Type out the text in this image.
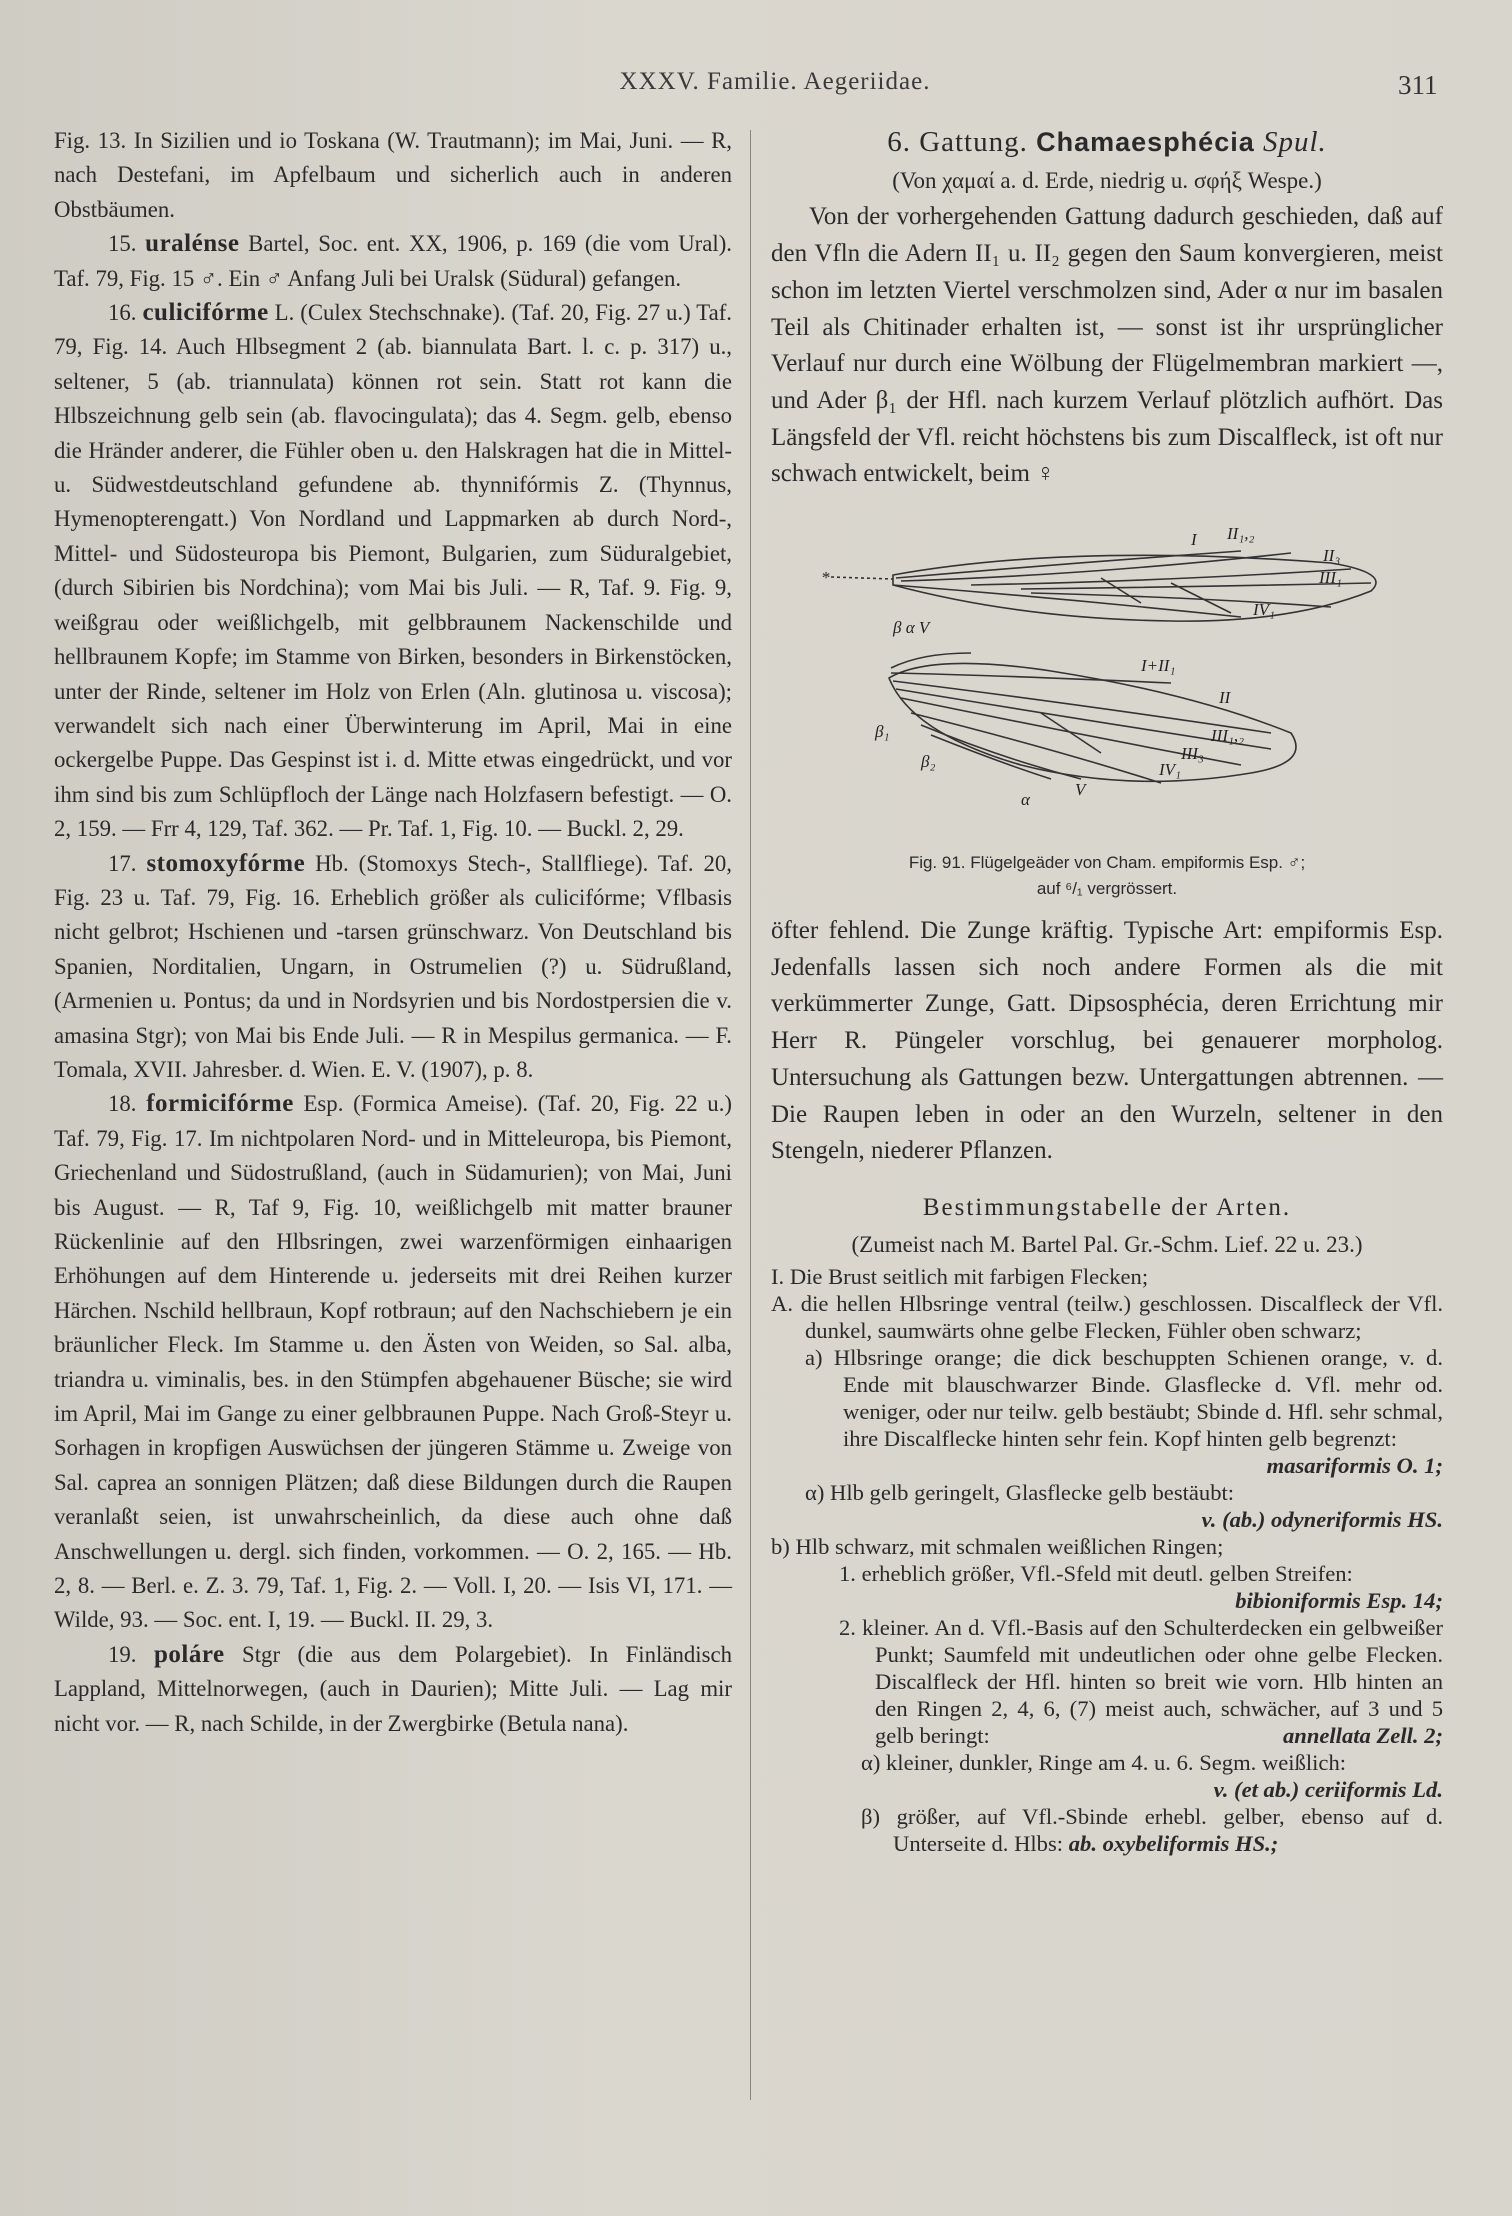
XXXV. Familie. Aegeriidae.	311

Fig. 13. In Sizilien und io Toskana (W. Trautmann); im Mai, Juni. — R, nach Destefani, im Apfelbaum und sicherlich auch in anderen Obstbäumen.

15. uralénse Bartel, Soc. ent. XX, 1906, p. 169 (die vom Ural). Taf. 79, Fig. 15 ♂. Ein ♂ Anfang Juli bei Uralsk (Südural) gefangen.

16. culicifórme L. (Culex Stechschnake). (Taf. 20, Fig. 27 u.) Taf. 79, Fig. 14. Auch Hlbsegment 2 (ab. biannulata Bart. l. c. p. 317) u., seltener, 5 (ab. triannulata) können rot sein. Statt rot kann die Hlbszeichnung gelb sein (ab. flavocingulata); das 4. Segm. gelb, ebenso die Hränder anderer, die Fühler oben u. den Halskragen hat die in Mittel- u. Südwestdeutschland gefundene ab. thynnifórmis Z. (Thynnus, Hymenopterengatt.) Von Nordland und Lappmarken ab durch Nord-, Mittel- und Südosteuropa bis Piemont, Bulgarien, zum Süduralgebiet, (durch Sibirien bis Nordchina); vom Mai bis Juli. — R, Taf. 9. Fig. 9, weißgrau oder weißlichgelb, mit gelbbraunem Nackenschilde und hellbraunem Kopfe; im Stamme von Birken, besonders in Birkenstöcken, unter der Rinde, seltener im Holz von Erlen (Aln. glutinosa u. viscosa); verwandelt sich nach einer Überwinterung im April, Mai in eine ockergelbe Puppe. Das Gespinst ist i. d. Mitte etwas eingedrückt, und vor ihm sind bis zum Schlüpfloch der Länge nach Holzfasern befestigt. — O. 2, 159. — Frr 4, 129, Taf. 362. — Pr. Taf. 1, Fig. 10. — Buckl. 2, 29.

17. stomoxyfórme Hb. (Stomoxys Stech-, Stallfliege). Taf. 20, Fig. 23 u. Taf. 79, Fig. 16. Erheblich größer als culicifórme; Vflbasis nicht gelbrot; Hschienen und -tarsen grünschwarz. Von Deutschland bis Spanien, Norditalien, Ungarn, in Ostrumelien (?) u. Südrußland, (Armenien u. Pontus; da und in Nordsyrien und bis Nordostpersien die v. amasina Stgr); von Mai bis Ende Juli. — R in Mespilus germanica. — F. Tomala, XVII. Jahresber. d. Wien. E. V. (1907), p. 8.

18. formicifórme Esp. (Formica Ameise). (Taf. 20, Fig. 22 u.) Taf. 79, Fig. 17. Im nichtpolaren Nord- und in Mitteleuropa, bis Piemont, Griechenland und Südostrußland, (auch in Südamurien); von Mai, Juni bis August. — R, Taf 9, Fig. 10, weißlichgelb mit matter brauner Rückenlinie auf den Hlbsringen, zwei warzenförmigen einhaarigen Erhöhungen auf dem Hinterende u. jederseits mit drei Reihen kurzer Härchen. Nschild hellbraun, Kopf rotbraun; auf den Nachschiebern je ein bräunlicher Fleck. Im Stamme u. den Ästen von Weiden, so Sal. alba, triandra u. viminalis, bes. in den Stümpfen abgehauener Büsche; sie wird im April, Mai im Gange zu einer gelbbraunen Puppe. Nach Groß-Steyr u. Sorhagen in kropfigen Auswüchsen der jüngeren Stämme u. Zweige von Sal. caprea an sonnigen Plätzen; daß diese Bildungen durch die Raupen veranlaßt seien, ist unwahrscheinlich, da diese auch ohne daß Anschwellungen u. dergl. sich finden, vorkommen. — O. 2, 165. — Hb. 2, 8. — Berl. e. Z. 3. 79, Taf. 1, Fig. 2. — Voll. I, 20. — Isis VI, 171. — Wilde, 93. — Soc. ent. I, 19. — Buckl. II. 29, 3.

19. poláre Stgr (die aus dem Polargebiet). In Finländisch Lappland, Mittelnorwegen, (auch in Daurien); Mitte Juli. — Lag mir nicht vor. — R, nach Schilde, in der Zwergbirke (Betula nana).

6. Gattung. Chamaesphécia Spul.

(Von χαμαί a. d. Erde, niedrig u. σφήξ Wespe.)

Von der vorhergehenden Gattung dadurch geschieden, daß auf den Vfln die Adern II₁ u. II₂ gegen den Saum konvergieren, meist schon im letzten Viertel verschmolzen sind, Ader α nur im basalen Teil als Chitinader erhalten ist, — sonst ist ihr ursprünglicher Verlauf nur durch eine Wölbung der Flügelmembran markiert —, und Ader β₁ der Hfl. nach kurzem Verlauf plötzlich aufhört. Das Längsfeld der Vfl. reicht höchstens bis zum Discalfleck, ist oft nur schwach entwickelt, beim ♀

I II₁,₂
II₃
III₁
IV₁
β α V
*
I+II₁
II
III₁,₂
III₃
IV₁
β₁
β₂
α
V

Fig. 91. Flügelgeäder von Cham. empiformis Esp. ♂;

auf ⁶/₁ vergrössert.

öfter fehlend. Die Zunge kräftig. Typische Art: empiformis Esp. Jedenfalls lassen sich noch andere Formen als die mit verkümmerter Zunge, Gatt. Dipsosphécia, deren Errichtung mir Herr R. Püngeler vorschlug, bei genauerer morpholog. Untersuchung als Gattungen bezw. Untergattungen abtrennen. — Die Raupen leben in oder an den Wurzeln, seltener in den Stengeln, niederer Pflanzen.

Bestimmungstabelle der Arten.

(Zumeist nach M. Bartel Pal. Gr.-Schm. Lief. 22 u. 23.)

I. Die Brust seitlich mit farbigen Flecken;

A. die hellen Hlbsringe ventral (teilw.) geschlossen. Discalfleck der Vfl. dunkel, saumwärts ohne gelbe Flecken, Fühler oben schwarz;

a) Hlbsringe orange; die dick beschuppten Schienen orange, v. d. Ende mit blauschwarzer Binde. Glasflecke d. Vfl. mehr od. weniger, oder nur teilw. gelb bestäubt; Sbinde d. Hfl. sehr schmal, ihre Discalflecke hinten sehr fein. Kopf hinten gelb begrenzt:
masariformis O. 1;

α) Hlb gelb geringelt, Glasflecke gelb bestäubt:

v. (ab.) odyneriformis HS.

b) Hlb schwarz, mit schmalen weißlichen Ringen;

1. erheblich größer, Vfl.-Sfeld mit deutl. gelben Streifen:
bibioniformis Esp. 14;

2. kleiner. An d. Vfl.-Basis auf den Schulterdecken ein gelbweißer Punkt; Saumfeld mit undeutlichen oder ohne gelbe Flecken. Discalfleck der Hfl. hinten so breit wie vorn. Hlb hinten an den Ringen 2, 4, 6, (7) meist auch, schwächer, auf 3 und 5 gelb beringt:	annellata Zell. 2;

α) kleiner, dunkler, Ringe am 4. u. 6. Segm. weißlich:
v. (et ab.) ceriiformis Ld.

β) größer, auf Vfl.-Sbinde erhebl. gelber, ebenso auf d. Unterseite d. Hlbs: ab. oxybeliformis HS.;
